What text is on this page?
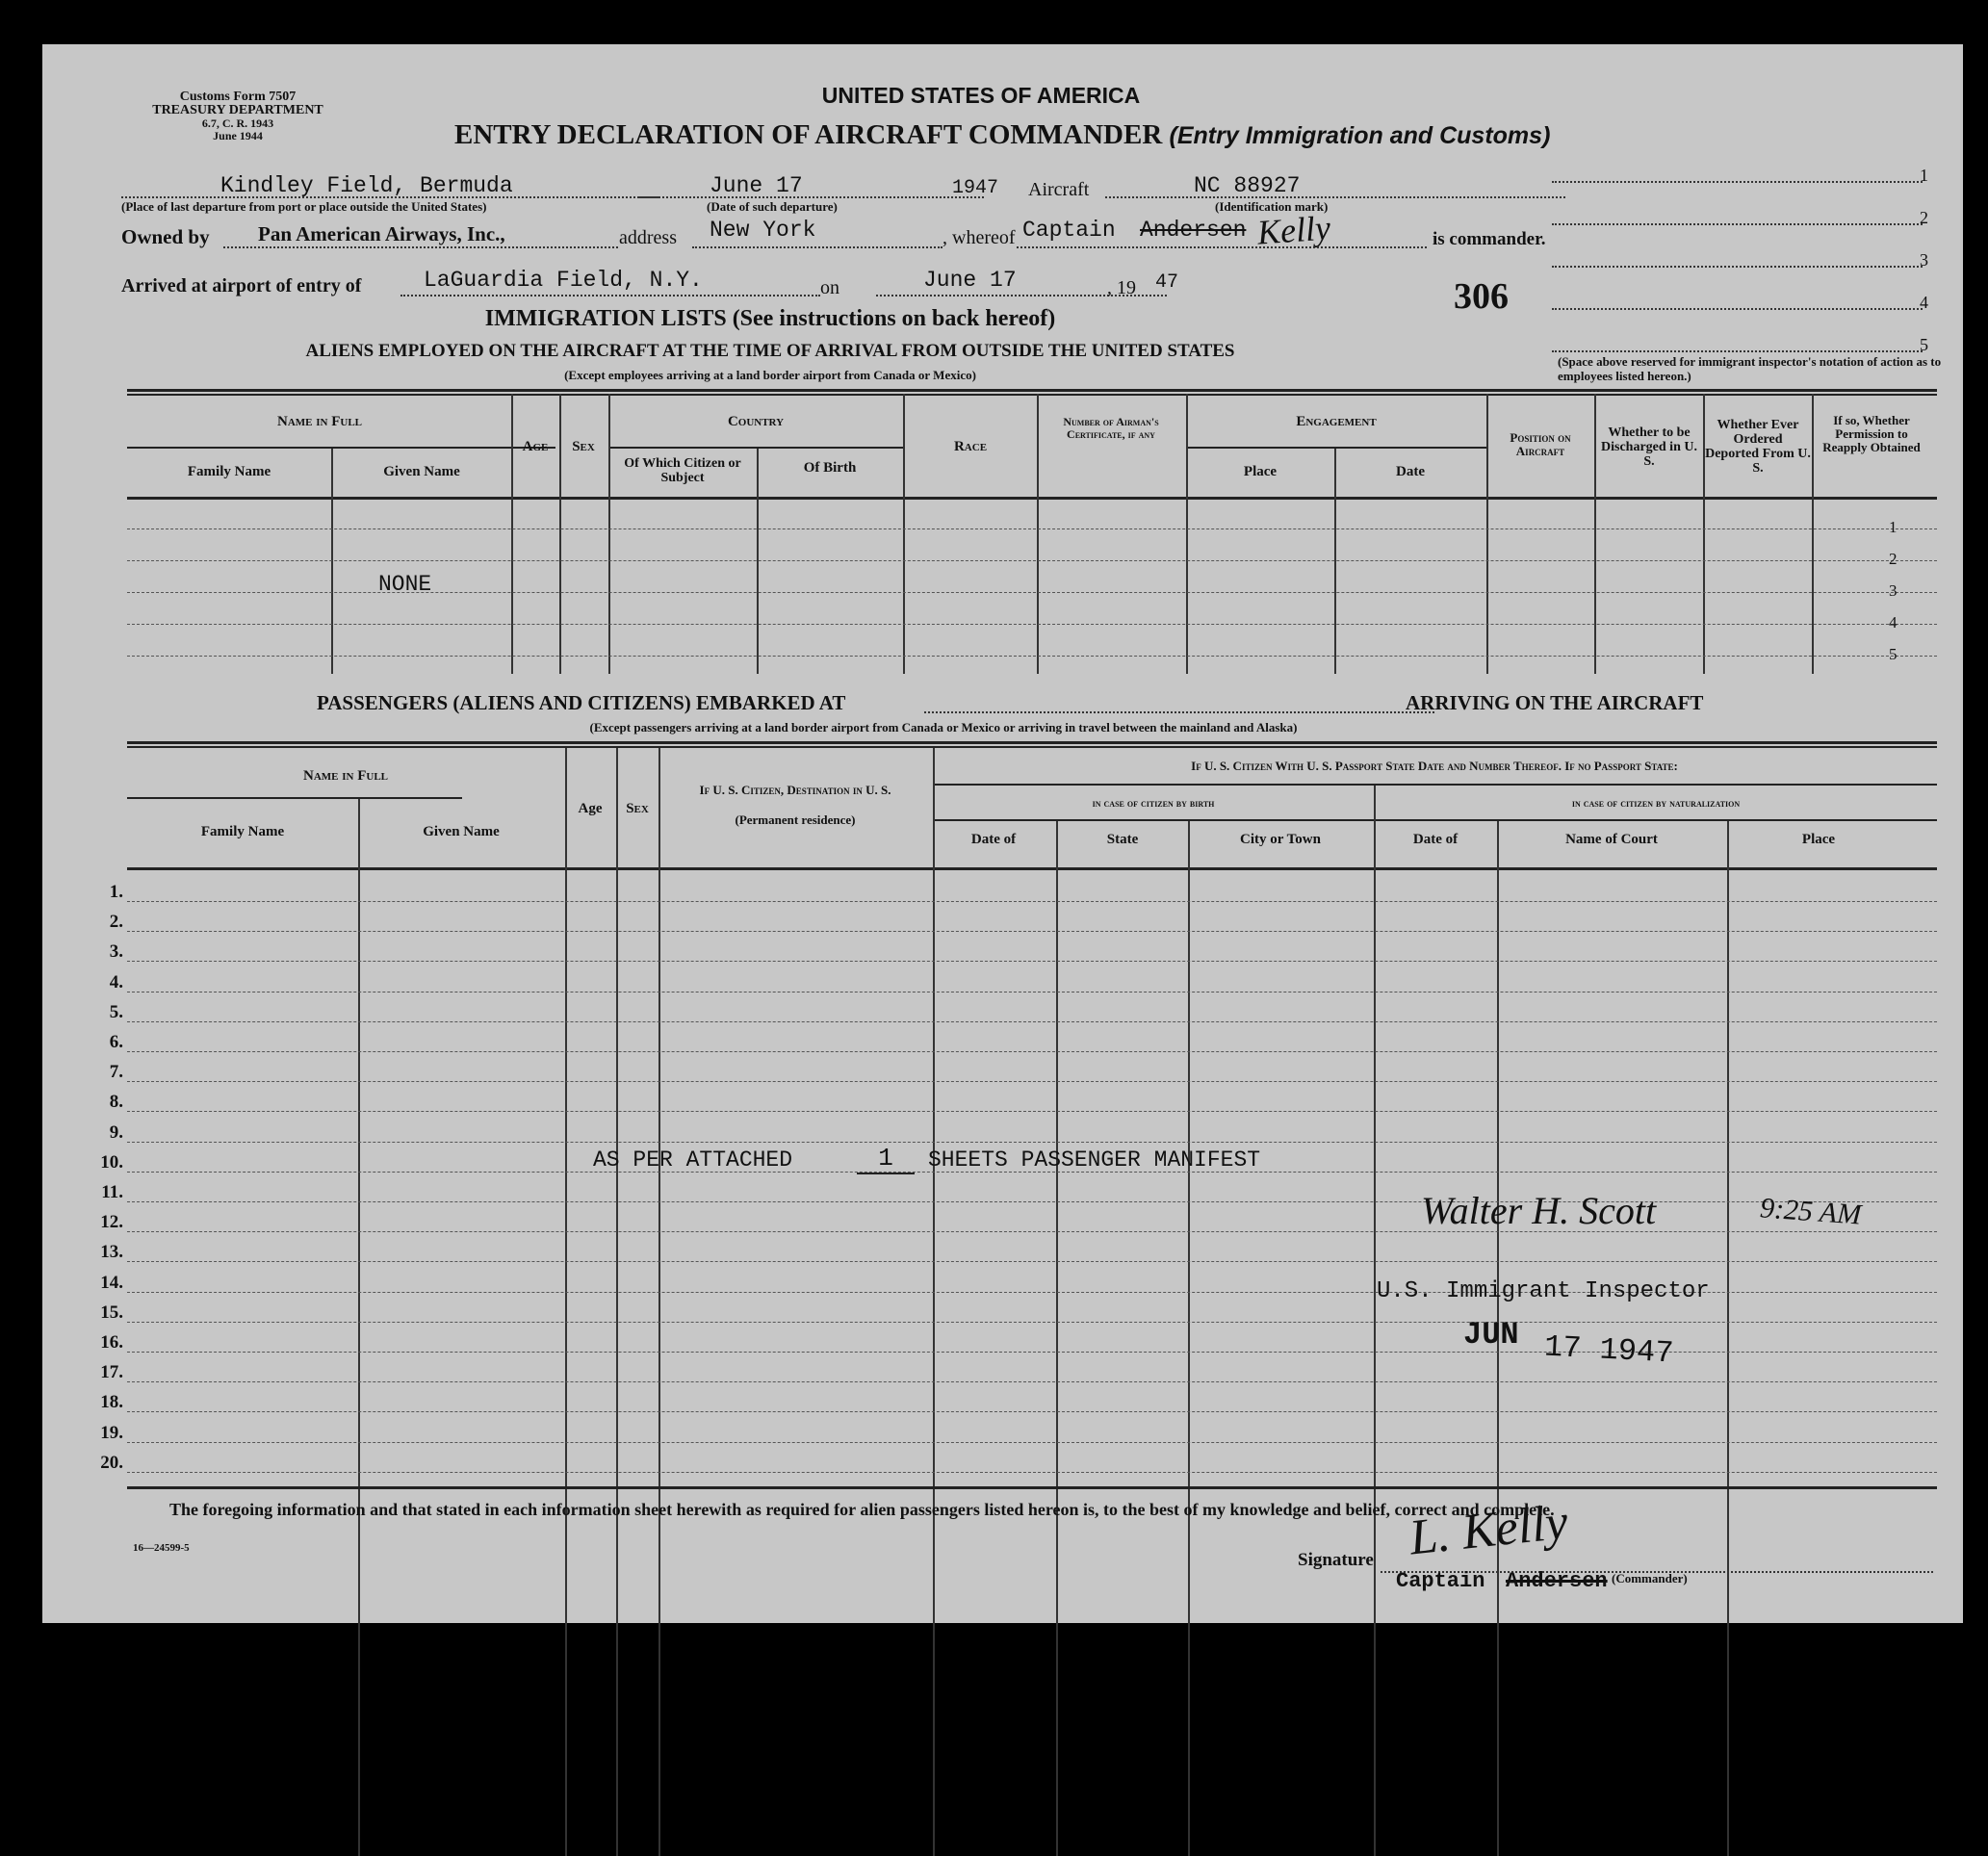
Customs Form 7507
TREASURY DEPARTMENT
6.7, C. R. 1943
June 1944
UNITED STATES OF AMERICA
ENTRY DECLARATION OF AIRCRAFT COMMANDER (Entry Immigration and Customs)
Kindley Field, Bermuda
(Place of last departure from port or place outside the United States)
June 17	1947
(Date of such departure)
Aircraft	NC 88927
(Identification mark)
Owned by Pan American Airways, Inc.,	address New York	, whereof Captain Andersen Kelly	is commander.
Arrived at airport of entry of	LaGuardia Field, N.Y.	on	June 17	, 19 47	306
1
2
3
4
5
(Space above reserved for immigrant inspector's notation of action as to employees listed hereon.)
IMMIGRATION LISTS (See instructions on back hereof)
ALIENS EMPLOYED ON THE AIRCRAFT AT THE TIME OF ARRIVAL FROM OUTSIDE THE UNITED STATES
(Except employees arriving at a land border airport from Canada or Mexico)
Name in Full
Family Name	Given Name
Age Sex
Country
Of Which Citizen or Subject
Of Birth
Race
Number of Airman's Certificate, if any
Engagement
Place	Date
Position on Aircraft
Whether to be Discharged in U. S.
Whether Ever Ordered Deported From U. S.
If so, Whether Permission to Reapply Obtained
1
2
3
4
5
NONE
PASSENGERS (ALIENS AND CITIZENS) EMBARKED AT	ARRIVING ON THE AIRCRAFT
(Except passengers arriving at a land border airport from Canada or Mexico or arriving in travel between the mainland and Alaska)
Name in Full
Family Name	Given Name
Age Sex
If U. S. Citizen, Destination in U. S.
(Permanent residence)
If U. S. Citizen With U. S. Passport State Date and Number Thereof. If no Passport State:
in case of citizen by birth	in case of citizen by naturalization
Date of	State	City or Town	Date of	Name of Court	Place
1.
2.
3.
4.
5.
6.
7.
8.
9.
10.
11.
12.
13.
14.
15.
16.
17.
18.
19.
20.
AS PER ATTACHED	1	SHEETS PASSENGER MANIFEST
Walter H. Scott	9:25 AM
U.S. Immigrant Inspector
JUN 17 1947
The foregoing information and that stated in each information sheet herewith as required for alien passengers listed hereon is, to the best of my knowledge and belief, correct and complete.
16—24599-5
Signature L. Kelly
Captain Andersen (Commander)
